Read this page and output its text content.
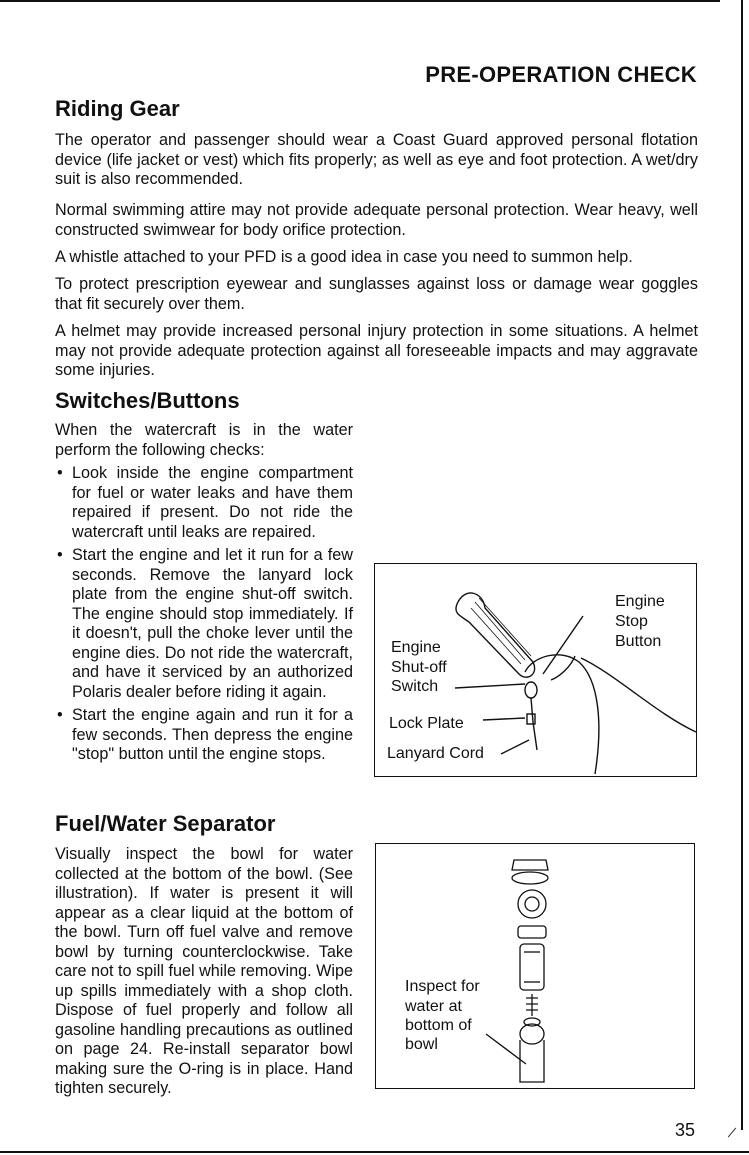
PRE-OPERATION CHECK
Riding Gear

The operator and passenger should wear a Coast Guard approved personal flotation device (life jacket or vest) which fits properly; as well as eye and foot protection. A wet/dry suit is also recommended.

Normal swimming attire may not provide adequate personal protection. Wear heavy, well constructed swimwear for body orifice protection.

A whistle attached to your PFD is a good idea in case you need to summon help.

To protect prescription eyewear and sunglasses against loss or damage wear goggles that fit securely over them.

A helmet may provide increased personal injury protection in some situations. A helmet may not provide adequate protection against all foreseeable impacts and may aggravate some injuries.

Switches/Buttons

When the watercraft is in the water perform the following checks:

• Look inside the engine compartment for fuel or water leaks and have them repaired if present. Do not ride the watercraft until leaks are repaired.
• Start the engine and let it run for a few seconds. Remove the lanyard lock plate from the engine shut-off switch. The engine should stop immediately. If it doesn't, pull the choke lever until the engine dies. Do not ride the watercraft, and have it serviced by an authorized Polaris dealer before riding it again.
• Start the engine again and run it for a few seconds. Then depress the engine "stop" button until the engine stops.
Engine Stop Button
Engine
Shut-off
Switch
Lock Plate
Lanyard Cord
Fuel/Water Separator

Visually inspect the bowl for water collected at the bottom of the bowl. (See illustration). If water is present it will appear as a clear liquid at the bottom of the bowl. Turn off fuel valve and remove bowl by turning counterclockwise. Take care not to spill fuel while removing. Wipe up spills immediately with a shop cloth. Dispose of fuel properly and follow all gasoline handling precautions as outlined on page 24. Re-install separator bowl making sure the O-ring is in place. Hand tighten securely.

Inspect for
water at
bottom of
bowl
35
